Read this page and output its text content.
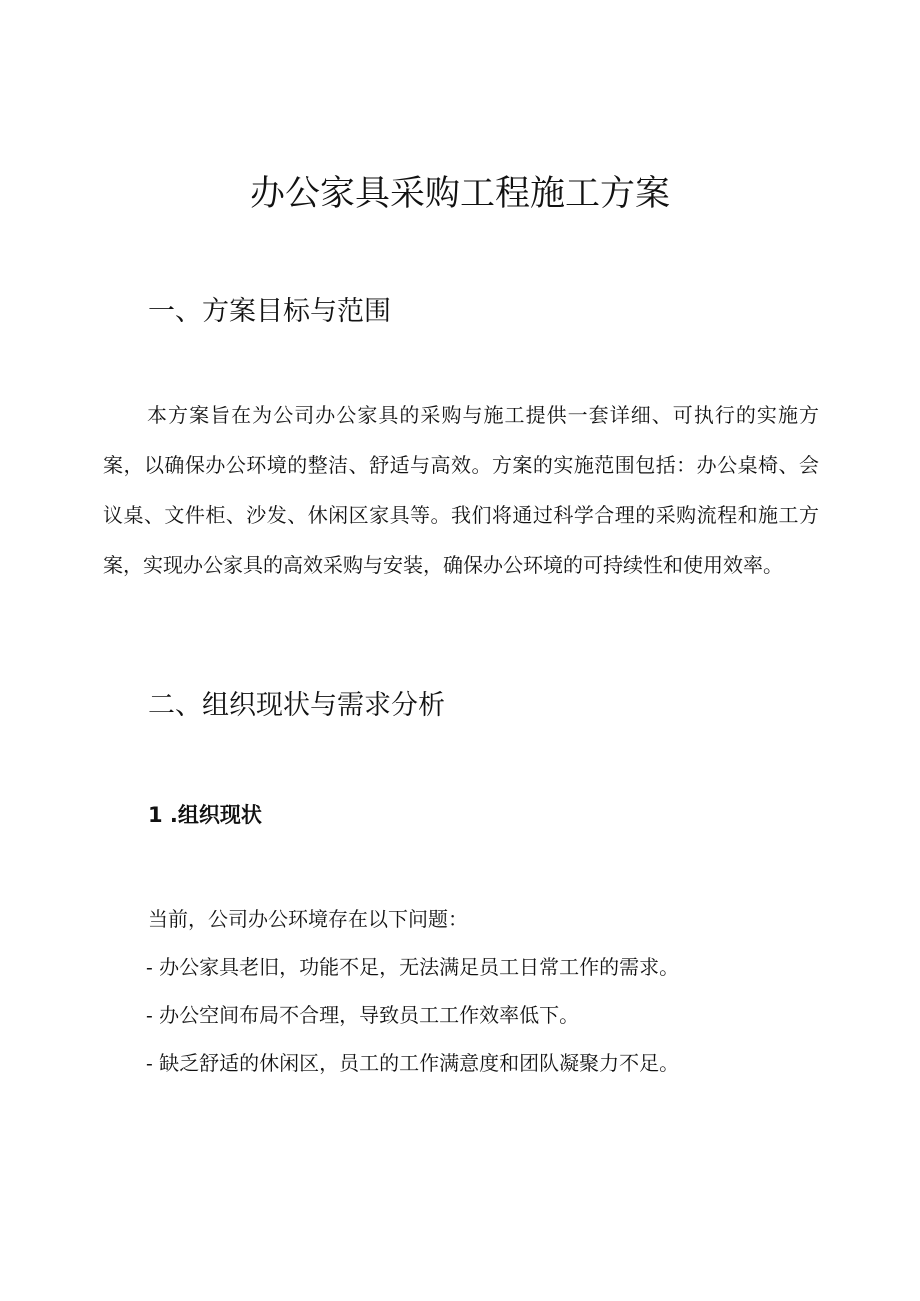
办公家具采购工程施工方案
一、方案目标与范围

本方案旨在为公司办公家具的采购与施工提供一套详细、可执行的实施方案，以确保办公环境的整洁、舒适与高效。方案的实施范围包括：办公桌椅、会议桌、文件柜、沙发、休闲区家具等。我们将通过科学合理的采购流程和施工方案，实现办公家具的高效采购与安装，确保办公环境的可持续性和使用效率。

二、组织现状与需求分析
1 .组织现状

当前，公司办公环境存在以下问题：

- 办公家具老旧，功能不足，无法满足员工日常工作的需求。
- 办公空间布局不合理，导致员工工作效率低下。
- 缺乏舒适的休闲区，员工的工作满意度和团队凝聚力不足。
